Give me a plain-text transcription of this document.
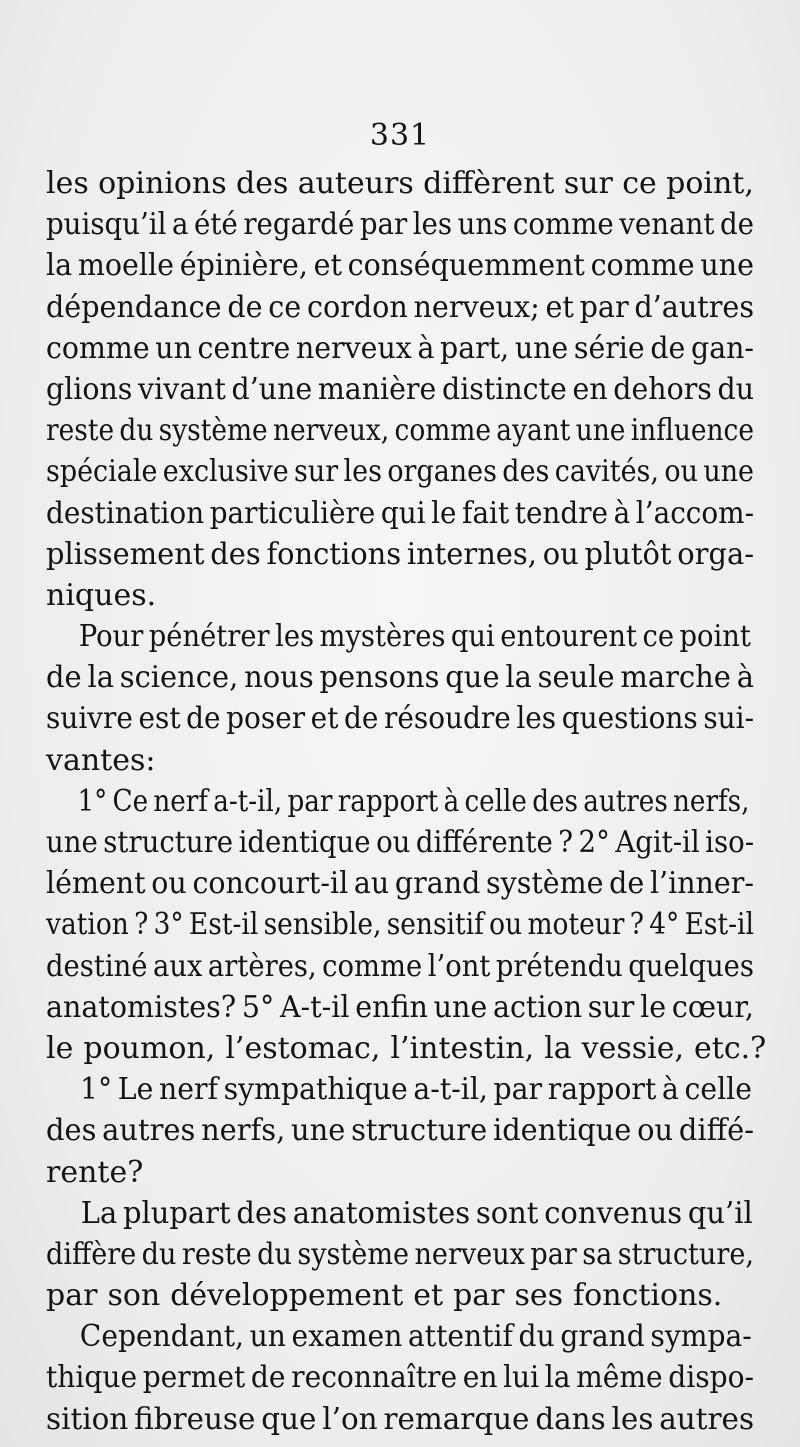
331
les opinions des auteurs diffèrent sur ce point,
puisqu’il a été regardé par les uns comme venant de
la moelle épinière, et conséquemment comme une
dépendance de ce cordon nerveux; et par d’autres
comme un centre nerveux à part, une série de gan-
glions vivant d’une manière distincte en dehors du
reste du système nerveux, comme ayant une influence
spéciale exclusive sur les organes des cavités, ou une
destination particulière qui le fait tendre à l’accom-
plissement des fonctions internes, ou plutôt orga-
niques.
Pour pénétrer les mystères qui entourent ce point
de la science, nous pensons que la seule marche à
suivre est de poser et de résoudre les questions sui-
vantes:
1° Ce nerf a-t-il, par rapport à celle des autres nerfs,
une structure identique ou différente ? 2° Agit-il iso-
lément ou concourt-il au grand système de l’inner-
vation ? 3° Est-il sensible, sensitif ou moteur ? 4° Est-il
destiné aux artères, comme l’ont prétendu quelques
anatomistes? 5° A-t-il enfin une action sur le cœur,
le poumon, l’estomac, l’intestin, la vessie, etc.?
1° Le nerf sympathique a-t-il, par rapport à celle
des autres nerfs, une structure identique ou diffé-
rente?
La plupart des anatomistes sont convenus qu’il
diffère du reste du système nerveux par sa structure,
par son développement et par ses fonctions.
Cependant, un examen attentif du grand sympa-
thique permet de reconnaître en lui la même dispo-
sition fibreuse que l’on remarque dans les autres
